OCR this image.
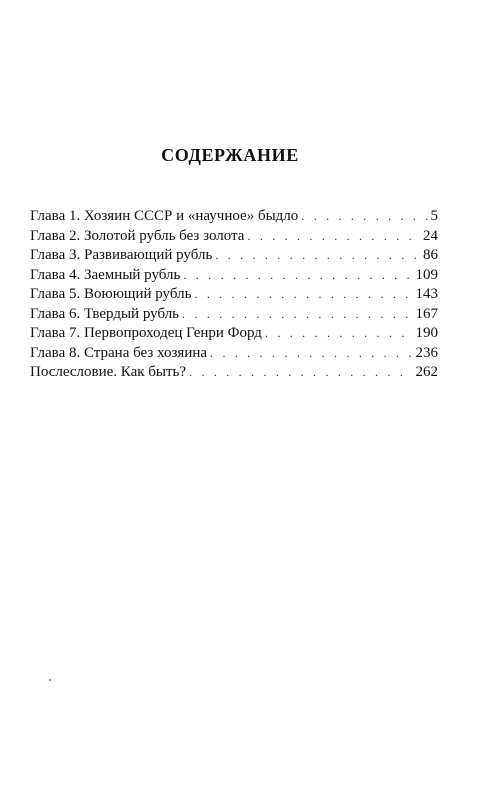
СОДЕРЖАНИЕ
Глава 1. Хозяин СССР и «научное» быдло . . .	5
Глава 2. Золотой рубль без золота . . .	24
Глава 3. Развивающий рубль . . .	86
Глава 4. Заемный рубль . . .	109
Глава 5. Воюющий рубль . . .	143
Глава 6. Твердый рубль . . .	167
Глава 7. Первопроходец Генри Форд . . .	190
Глава 8. Страна без хозяина . . .	236
Послесловие. Как быть? . . .	262
